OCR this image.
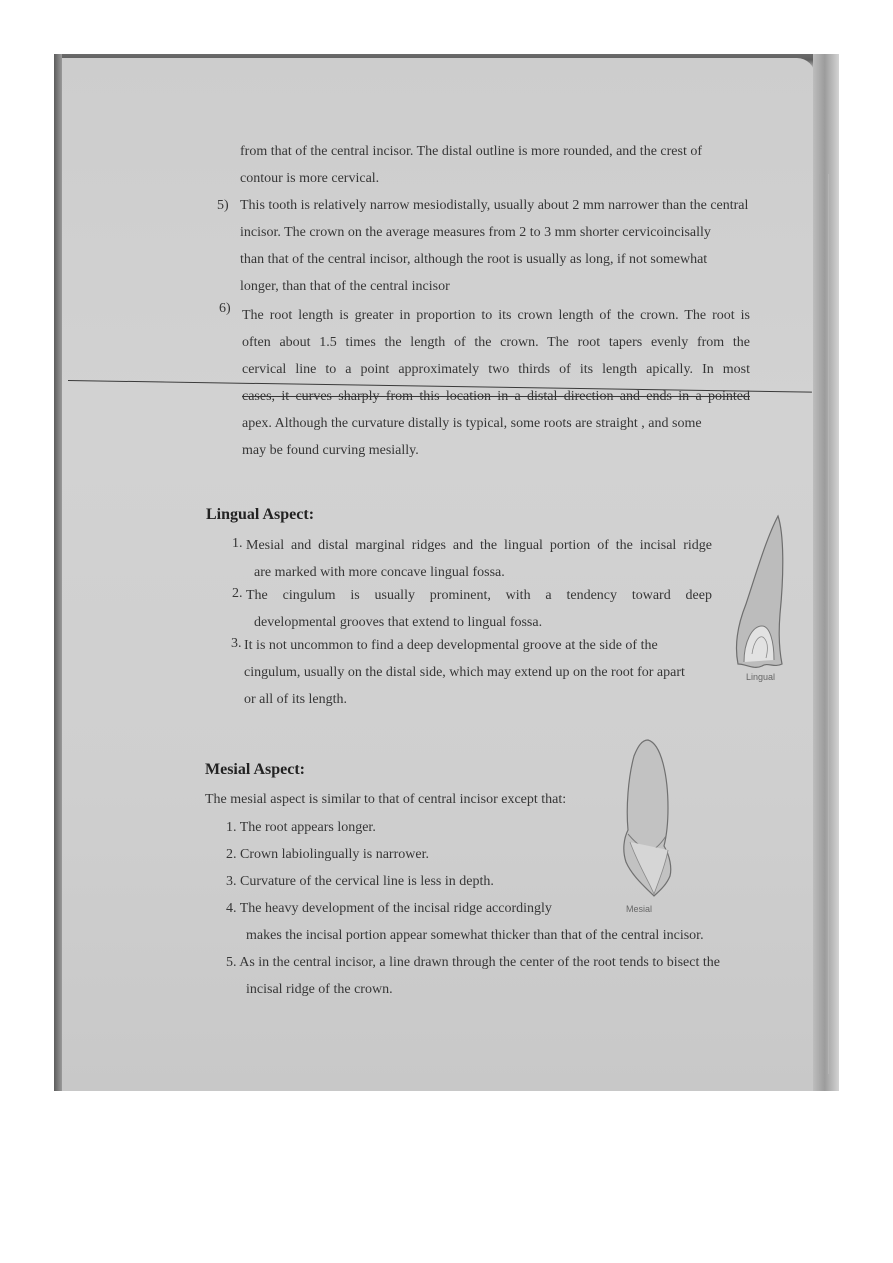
from that of the central incisor. The distal outline is more rounded, and the crest of
contour is more cervical.
5) This tooth is relatively narrow mesiodistally, usually about 2 mm narrower than the central
incisor. The crown on the average measures from 2 to 3 mm shorter cervicoincisally
than that of the central incisor, although the root is usually as long, if not somewhat
longer, than that of the central incisor
6) The root length is greater in proportion to its crown length of the crown. The root is
often about 1.5 times the length of the crown. The root tapers evenly from the
cervical line to a point approximately two thirds of its length apically. In most
cases, it curves sharply from this location in a distal direction and ends in a pointed
apex. Although the curvature distally is typical, some roots are straight , and some
may be found curving mesially.
Lingual Aspect:
1. Mesial and distal marginal ridges and the lingual portion of the incisal ridge
are marked with more concave lingual fossa.
2. The cingulum is usually prominent, with a tendency toward deep
developmental grooves that extend to lingual fossa.
3. It is not uncommon to find a deep developmental groove at the side of the
cingulum, usually on the distal side, which may extend up on the root for apart
or all of its length.
Lingual
Mesial Aspect:
The mesial aspect is similar to that of central incisor except that:
1. The root appears longer.
2. Crown labiolingually is narrower.
3. Curvature of the cervical line is less in depth.
4. The heavy development of the incisal ridge accordingly
makes the incisal portion appear somewhat thicker than that of the central incisor.
5. As in the central incisor, a line drawn through the center of the root tends to bisect the
incisal ridge of the crown.
Mesial
